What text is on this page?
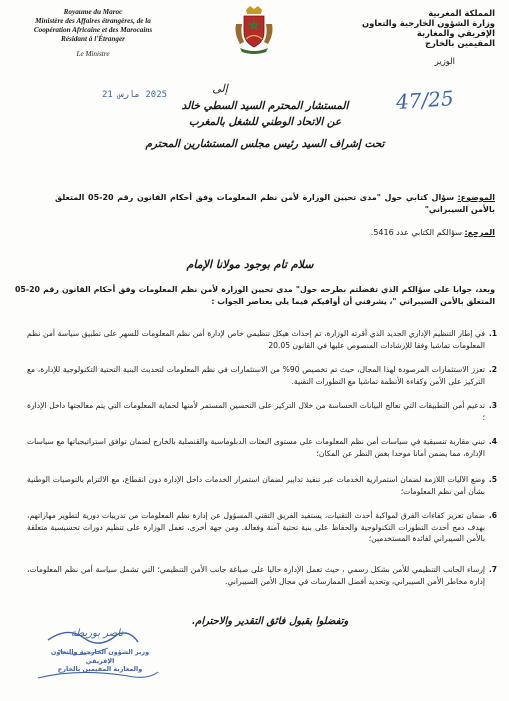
Royaume du Maroc
Ministère des Affaires étrangères, de la
Coopération Africaine et des Marocains
Résidant à l'Étranger
Le Ministre
المملكة المغربية
وزارة الشؤون الخارجية والتعاون
الإفريقي والمغاربة
المقيمين بالخارج
الوزير
47/25
2025 مارس 21	إلى
المستشار المحترم السيد السطي خالد
عن الاتحاد الوطني للشغل بالمغرب
تحت إشراف السيد رئيس مجلس المستشارين المحترم
الموضوع: سؤال كتابي حول "مدى تحيين الوزارة لأمن نظم المعلومات وفق أحكام القانون رقم 20-05 المتعلق بالأمن السيبراني"
المرجع: سؤالكم الكتابي عدد 5416.
سلام تام بوجود مولانا الإمام
وبعد، جوابا على سؤالكم الذي تفضلتم بطرحه حول" مدى تحيين الوزارة لأمن نظم المعلومات وفق أحكام القانون رقم 20-05 المتعلق بالأمن السيبراني "، يشرفني أن أوافيكم فيما يلي بعناصر الجواب :
1.
في إطار التنظيم الإداري الجديد الذي أقرته الوزارة، تم إحداث هيكل تنظيمي خاص لإدارة أمن نظم المعلومات للسهر على تطبيق سياسة أمن نظم المعلومات تماشيا وفقا للإرشادات المنصوص عليها في القانون 20.05
2.
تعزز الاستثمارات المرصودة لهذا المجال، حيث تم تخصيص 90% من الاستثمارات في نظم المعلومات لتحديث البنية التحتية التكنولوجية للإدارة، مع التركيز على الأمن وكفاءة الأنظمة تماشيا مع التطورات التقنية.
3.
تدعيم أمن التطبيقات التي تعالج البيانات الحساسة من خلال التركيز على التحسين المستمر لأمنها لحماية المعلومات التي يتم معالجتها داخل الإدارة ؛
4.
تبني مقاربة تنسيقية في سياسات أمن نظم المعلومات على مستوى البعثات الدبلوماسية والقنصلية بالخارج لضمان توافق استراتيجياتها مع سياسات الإدارة، مما يضمن أمانا موحدا بغض النظر عن المكان؛
5.
وضع الآليات اللازمة لضمان استمرارية الخدمات عبر تنفيذ تدابير لضمان استمرار الخدمات داخل الإدارة دون انقطاع، مع الالتزام بالتوصيات الوطنية بشأن أمن نظم المعلومات؛
6.
ضمان تعزيز كفاءات الفرق لمواكبة أحدث التقنيات، يستفيد الفريق التقني المسؤول عن إدارة نظم المعلومات من تدريبات دورية لتطوير مهاراتهم، بهدف دمج أحدث التطورات التكنولوجية والحفاظ على بنية تحتية آمنة وفعالة. ومن جهة أخرى، تعمل الوزارة على تنظيم دورات تحسيسية متعلقة بالأمن السيبراني لفائدة المستخدمين؛
7.
إرساء الجانب التنظيمي للأمن بشكل رسمي ، حيث تعمل الإدارة حاليا على صياغة جانب الأمن التنظيمي؛ التي تشمل سياسة أمن نظم المعلومات، إدارة مخاطر الأمن السيبراني، وتحديد أفضل الممارسات في مجال الأمن السيبراني.
وتفضلوا بقبول فائق التقدير والاحترام.
ناصر بوريطة
وزير الشؤون الخارجية والتعاون الإفريقي
والمغاربة المقيمين بالخارج
